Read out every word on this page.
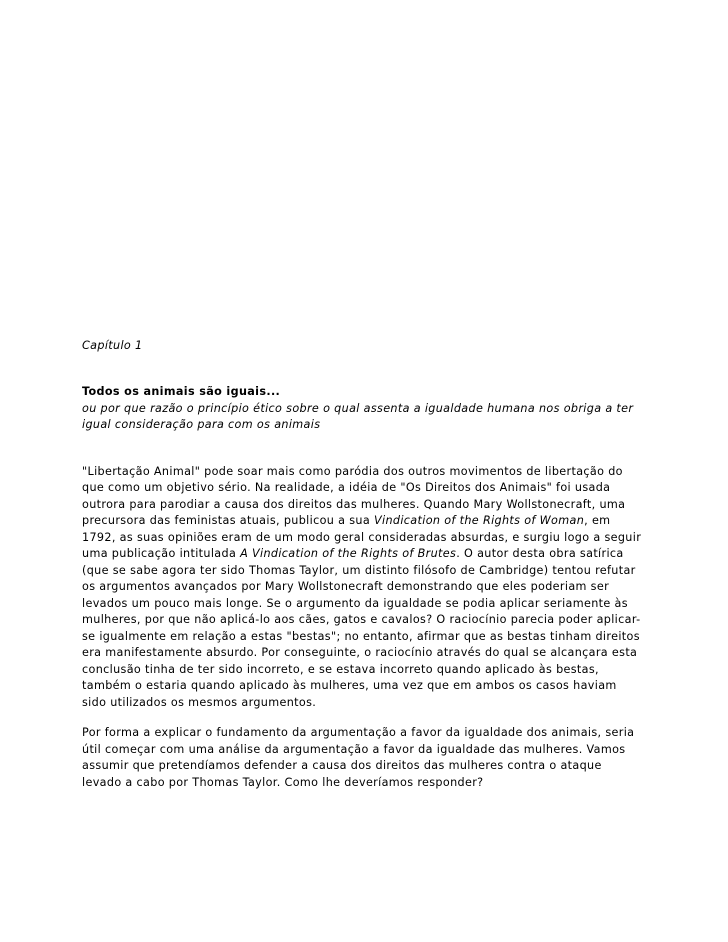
Capítulo 1

Todos os animais são iguais...

ou por que razão o princípio ético sobre o qual assenta a igualdade humana nos obriga a ter igual consideração para com os animais

"Libertação Animal" pode soar mais como paródia dos outros movimentos de libertação do que como um objetivo sério. Na realidade, a idéia de "Os Direitos dos Animais" foi usada outrora para parodiar a causa dos direitos das mulheres. Quando Mary Wollstonecraft, uma precursora das feministas atuais, publicou a sua Vindication of the Rights of Woman, em 1792, as suas opiniões eram de um modo geral consideradas absurdas, e surgiu logo a seguir uma publicação intitulada A Vindication of the Rights of Brutes. O autor desta obra satírica (que se sabe agora ter sido Thomas Taylor, um distinto filósofo de Cambridge) tentou refutar os argumentos avançados por Mary Wollstonecraft demonstrando que eles poderiam ser levados um pouco mais longe. Se o argumento da igualdade se podia aplicar seriamente às mulheres, por que não aplicá-lo aos cães, gatos e cavalos? O raciocínio parecia poder aplicar-se igualmente em relação a estas "bestas"; no entanto, afirmar que as bestas tinham direitos era manifestamente absurdo. Por conseguinte, o raciocínio através do qual se alcançara esta conclusão tinha de ter sido incorreto, e se estava incorreto quando aplicado às bestas, também o estaria quando aplicado às mulheres, uma vez que em ambos os casos haviam sido utilizados os mesmos argumentos.

Por forma a explicar o fundamento da argumentação a favor da igualdade dos animais, seria útil começar com uma análise da argumentação a favor da igualdade das mulheres. Vamos assumir que pretendíamos defender a causa dos direitos das mulheres contra o ataque levado a cabo por Thomas Taylor. Como lhe deveríamos responder?
